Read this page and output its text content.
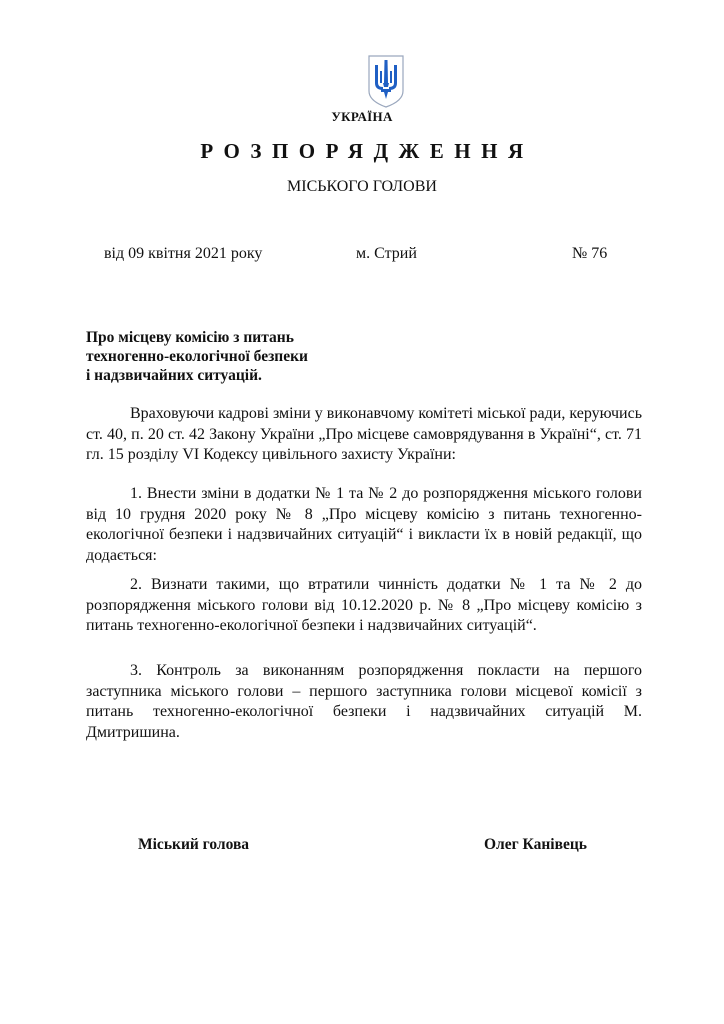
УКРАЇНА
РОЗПОРЯДЖЕННЯ
МІСЬКОГО ГОЛОВИ
від 09 квітня 2021 року	м. Стрий	№ 76
Про місцеву комісію з питань
техногенно-екологічної безпеки
і надзвичайних ситуацій.

Враховуючи кадрові зміни у виконавчому комітеті міської ради, керуючись ст. 40, п. 20 ст. 42 Закону України „Про місцеве самоврядування в Україні“, ст. 71 гл. 15 розділу VI Кодексу цивільного захисту України:

1. Внести зміни в додатки № 1 та № 2 до розпорядження міського голови від 10 грудня 2020 року № 8 „Про місцеву комісію з питань техногенно-екологічної безпеки і надзвичайних ситуацій“ і викласти їх в новій редакції, що додається:

2. Визнати такими, що втратили чинність додатки № 1 та № 2 до розпорядження міського голови від 10.12.2020 р. № 8 „Про місцеву комісію з питань техногенно-екологічної безпеки і надзвичайних ситуацій“.

3. Контроль за виконанням розпорядження покласти на першого заступника міського голови – першого заступника голови місцевої комісії з питань техногенно-екологічної безпеки і надзвичайних ситуацій М. Дмитришина.

Міський голова	Олег Канівець
